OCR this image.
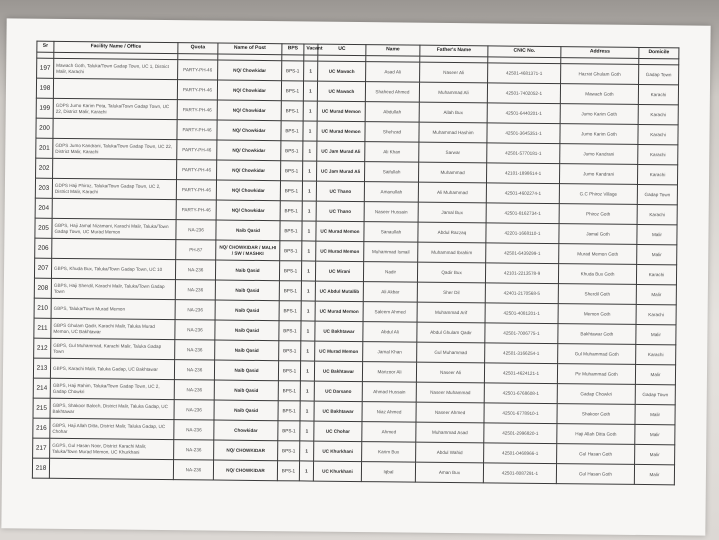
Sr	Facility Name / Office	Quota	Name of Post	BPS	Vacant	UC	Name	Father's Name	CNIC No.	Address	Domicile

197	Mawach Goth, Taluka/Town Gadap Town, UC 1, District Malir, Karachi	PARTY-PH-46	NQ/ Chowkidar	BPS-1	1	UC Mawach	Asad Ali	Naseer Ali	42501-4681371-1	Hazrat Ghulam Goth	Gadap Town
198		PARTY-PH-46	NQ/ Chowkidar	BPS-1	1	UC Mawach	Shaheed Ahmed	Muhammad Ali	42501-7402052-1	Mawach Goth	Karachi
199	GDPS Jumo Karim Pota, Taluka/Town Gadap Town, UC 22, District Malir, Karachi	PARTY-PH-46	NQ/ Chowkidar	BPS-1	1	UC Murad Memon	Abdullah	Allah Bux	42501-6440201-1	Jumo Karim Goth	Karachi
200		PARTY-PH-46	NQ/ Chowkidar	BPS-1	1	UC Murad Memon	Shehzad	Muhammad Hashim	42501-3645351-1	Jumo Karim Goth	Karachi
201	GDPS Jumo Kandrani, Taluka/Town Gadap Town, UC 22, District Malir, Karachi	PARTY-PH-46	NQ/ Chowkidar	BPS-1	1	UC Jam Murad Ali	Ali Khan	Sarwar	42501-5770181-1	Jumo Kandrani	Karachi
202		PARTY-PH-46	NQ/ Chowkidar	BPS-1	1	UC Jam Murad Ali	Saifullah	Muhammad	42101-1898614-1	Jumo Kandrani	Karachi
203	GDPS Haji Phiroz, Taluka/Town Gadap Town, UC 2, District Malir, Karachi	PARTY-PH-46	NQ/ Chowkidar	BPS-1	1	UC Thano	Amanullah	Ali Muhammad	42501-4602274-1	G.C Phiroz Village	Gadap Town
204		PARTY-PH-46	NQ/ Chowkidar	BPS-1	1	UC Thano	Naseer Hussain	Jamal Bux	42501-8162734-1	Phiroz Goth	Karachi
205	GBPS, Haji Jamal Nizamani, Karachi Malir, Taluka/Town Gadap Town, UC Murad Memon	NA-236	Naib Qasid	BPS-1	1	UC Murad Memon	Sanaullah	Abdul Razzaq	42201-1668110-1	Jamal Goth	Malir
206		PH-87	NQ/ CHOWKIDAR / MALHI / SW / MASHKI	BPS-1	1	UC Murad Memon	Muhammad Ismail	Muhammad Ibrahim	42501-6439299-1	Murad Memon Goth	Malir
207	GBPS, Khuda Bux, Taluka/Town Gadap Town, UC 10	NA-236	Naib Qasid	BPS-1	1	UC Mirani	Nadir	Qadir Bux	42101-2213578-9	Khuda Bux Goth	Karachi
208	GBPS, Haji Sherdil, Karachi Malir, Taluka/Town Gadap Town	NA-236	Naib Qasid	BPS-1	1	UC Abdul Mutallib	Ali Akbar	Sher Dil	42401-2170568-5	Sherdil Goth	Malir
210	GBPS, Taluka/Town Murad Memon	NA-236	Naib Qasid	BPS-1	1	UC Murad Memon	Saleem Ahmed	Muhammad Arif	42501-4081201-1	Memon Goth	Karachi
211	GBPS Ghulam Qadir, Karachi Malir, Taluka Murad Memon, UC Bakhtawar	NA-236	Naib Qasid	BPS-1	1	UC Bakhtawar	Abdul Ali	Abdul Ghulam Qadir	42501-7006775-1	Bakhtawar Goth	Malir
212	GBPS, Gul Muhammad, Karachi Malir, Taluka Gadap Town	NA-236	Naib Qasid	BPS-1	1	UC Murad Memon	Jamal Khan	Gul Muhammad	42501-3166254-1	Gul Muhammad Goth	Karachi
213	GBPS, Karachi Malir, Taluka Gadap, UC Bakhtawar	NA-236	Naib Qasid	BPS-1	1	UC Bakhtawar	Manzoor Ali	Naseer Ali	42501-4624121-1	Pir Muhammad Goth	Malir
214	GBPS, Haji Rahim, Taluka/Town Gadap Town, UC 2, Gadap Chowkri	NA-236	Naib Qasid	BPS-1	1	UC Darsano	Ahmad Hussain	Naseer Muhammad	42501-6768608-1	Gadap Chowkri	Gadap Town
215	GBPS, Shakoor Baloch, District Malir, Taluka Gadap, UC Bakhtawar	NA-236	Naib Qasid	BPS-1	1	UC Bakhtawar	Niaz Ahmed	Naseer Ahmed	42501-6778910-1	Shakoor Goth	Malir
216	GBPS, Haji Allah Ditta, District Malir, Taluka Gadap, UC Chohar	NA-236	Chowkidar	BPS-1	1	UC Chohar	Ahmed	Muhammad Asad	42501-2996820-1	Haji Allah Ditta Goth	Malir
217	GGPS, Gul Hasan Noor, District Karachi Malir, Taluka/Town Murad Memon, UC Khurkhani	NA-236	NQ/ CHOWKIDAR	BPS-1	1	UC Khurkhani	Karim Bux	Abdul Wahid	42501-0468966-1	Gul Hasan Goth	Malir
218		NA-236	NQ/ CHOWKIDAR	BPS-1	1	UC Khurkhani	Iqbal	Aman Bux	42501-8087291-1	Gul Hasan Goth	Malir
